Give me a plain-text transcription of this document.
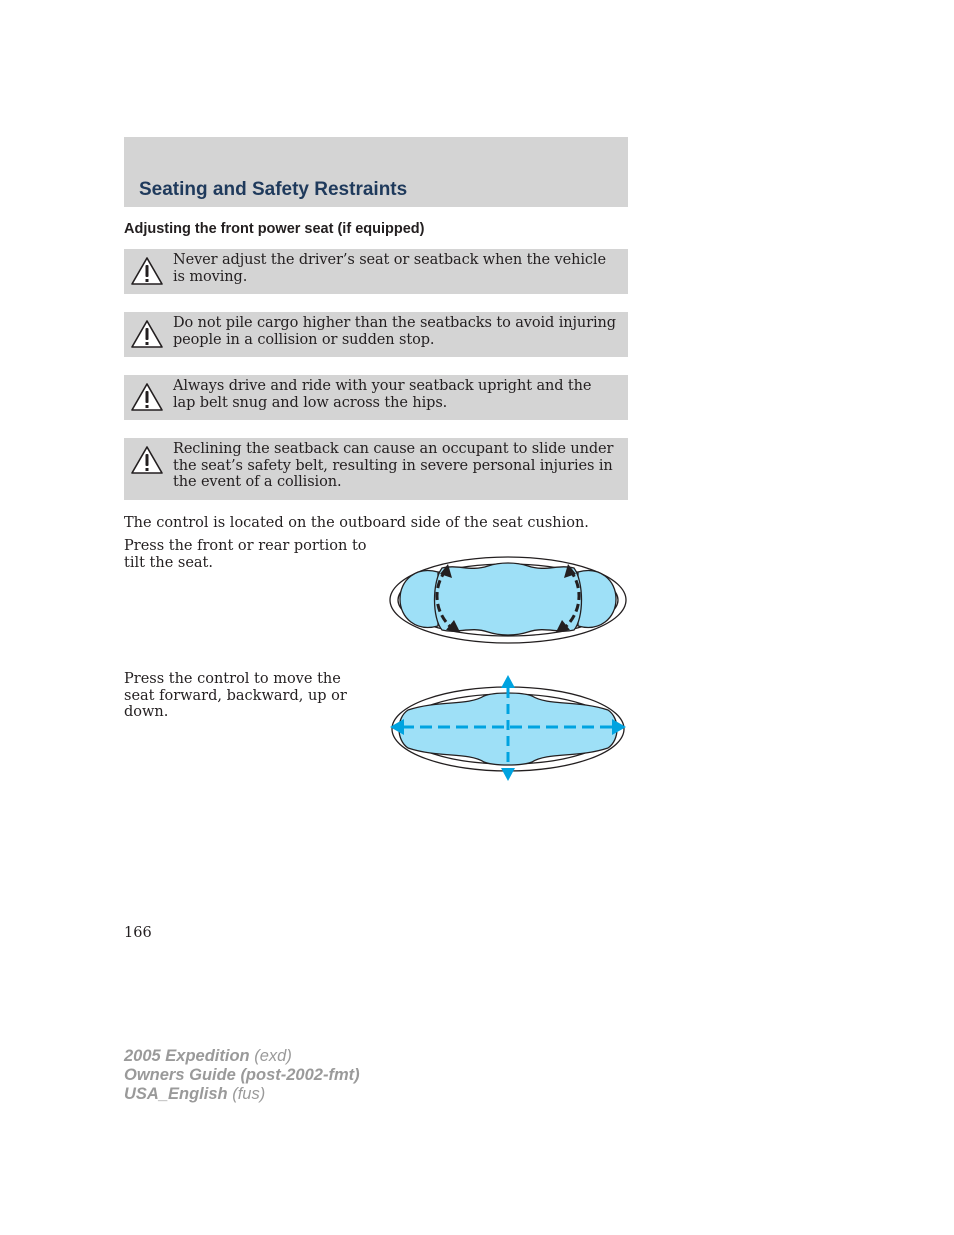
Seating and Safety Restraints
Adjusting the front power seat (if equipped)
Never adjust the driver’s seat or seatback when the vehicle is moving.
Do not pile cargo higher than the seatbacks to avoid injuring people in a collision or sudden stop.
Always drive and ride with your seatback upright and the lap belt snug and low across the hips.
Reclining the seatback can cause an occupant to slide under the seat’s safety belt, resulting in severe personal injuries in the event of a collision.
The control is located on the outboard side of the seat cushion.
Press the front or rear portion to tilt the seat.
Press the control to move the seat forward, backward, up or down.
166
2005 Expedition (exd)
Owners Guide (post-2002-fmt)
USA_English (fus)
